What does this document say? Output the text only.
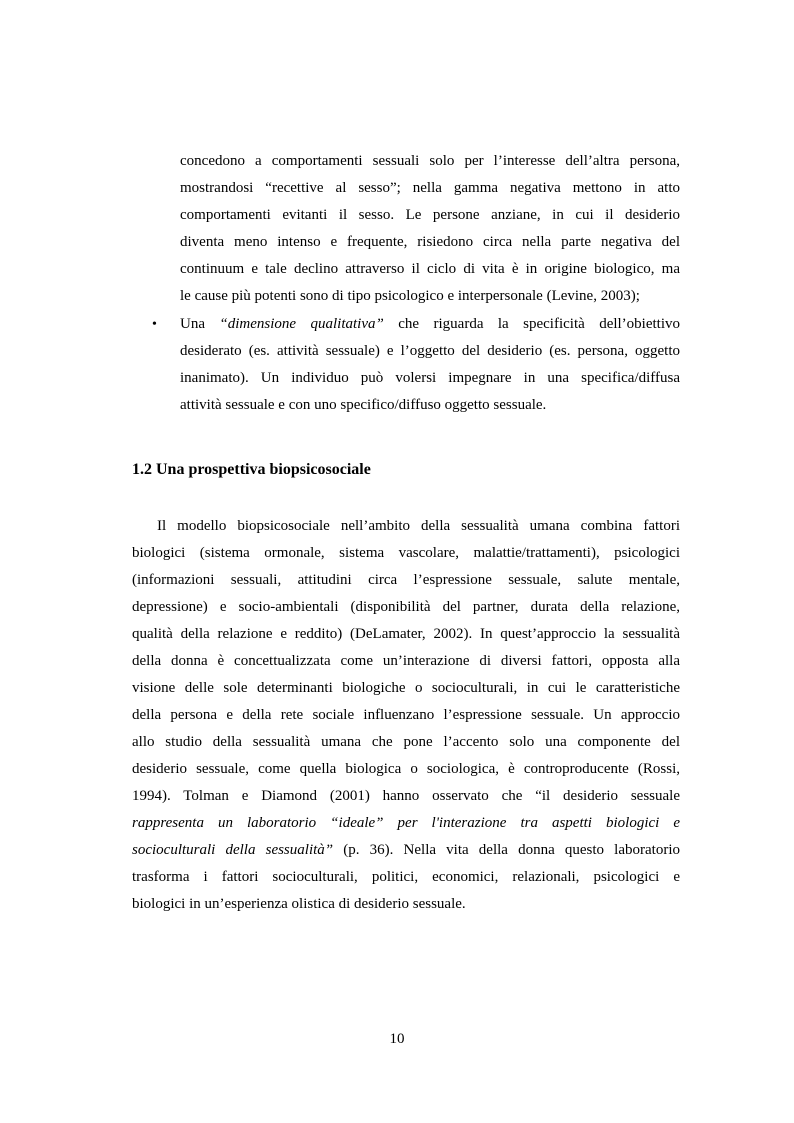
concedono a comportamenti sessuali solo per l’interesse dell’altra persona,
mostrandosi “recettive al sesso”; nella gamma negativa mettono in atto
comportamenti evitanti il sesso. Le persone anziane, in cui il desiderio
diventa meno intenso e frequente, risiedono circa nella parte negativa del
continuum e tale declino attraverso il ciclo di vita è in origine biologico, ma
le cause più potenti sono di tipo psicologico e interpersonale (Levine, 2003);
• Una “dimensione qualitativa” che riguarda la specificità dell’obiettivo
desiderato (es. attività sessuale) e l’oggetto del desiderio (es. persona, oggetto
inanimato). Un individuo può volersi impegnare in una specifica/diffusa
attività sessuale e con uno specifico/diffuso oggetto sessuale.
1.2 Una prospettiva biopsicosociale
Il modello biopsicosociale nell’ambito della sessualità umana combina fattori
biologici (sistema ormonale, sistema vascolare, malattie/trattamenti), psicologici
(informazioni sessuali, attitudini circa l’espressione sessuale, salute mentale,
depressione) e socio-ambientali (disponibilità del partner, durata della relazione,
qualità della relazione e reddito) (DeLamater, 2002). In quest’approccio la sessualità
della donna è concettualizzata come un’interazione di diversi fattori, opposta alla
visione delle sole determinanti biologiche o socioculturali, in cui le caratteristiche
della persona e della rete sociale influenzano l’espressione sessuale. Un approccio
allo studio della sessualità umana che pone l’accento solo una componente del
desiderio sessuale, come quella biologica o sociologica, è controproducente (Rossi,
1994). Tolman e Diamond (2001) hanno osservato che “il desiderio sessuale
rappresenta un laboratorio “ideale” per l'interazione tra aspetti biologici e
socioculturali della sessualità” (p. 36). Nella vita della donna questo laboratorio
trasforma i fattori socioculturali, politici, economici, relazionali, psicologici e
biologici in un’esperienza olistica di desiderio sessuale.
10
